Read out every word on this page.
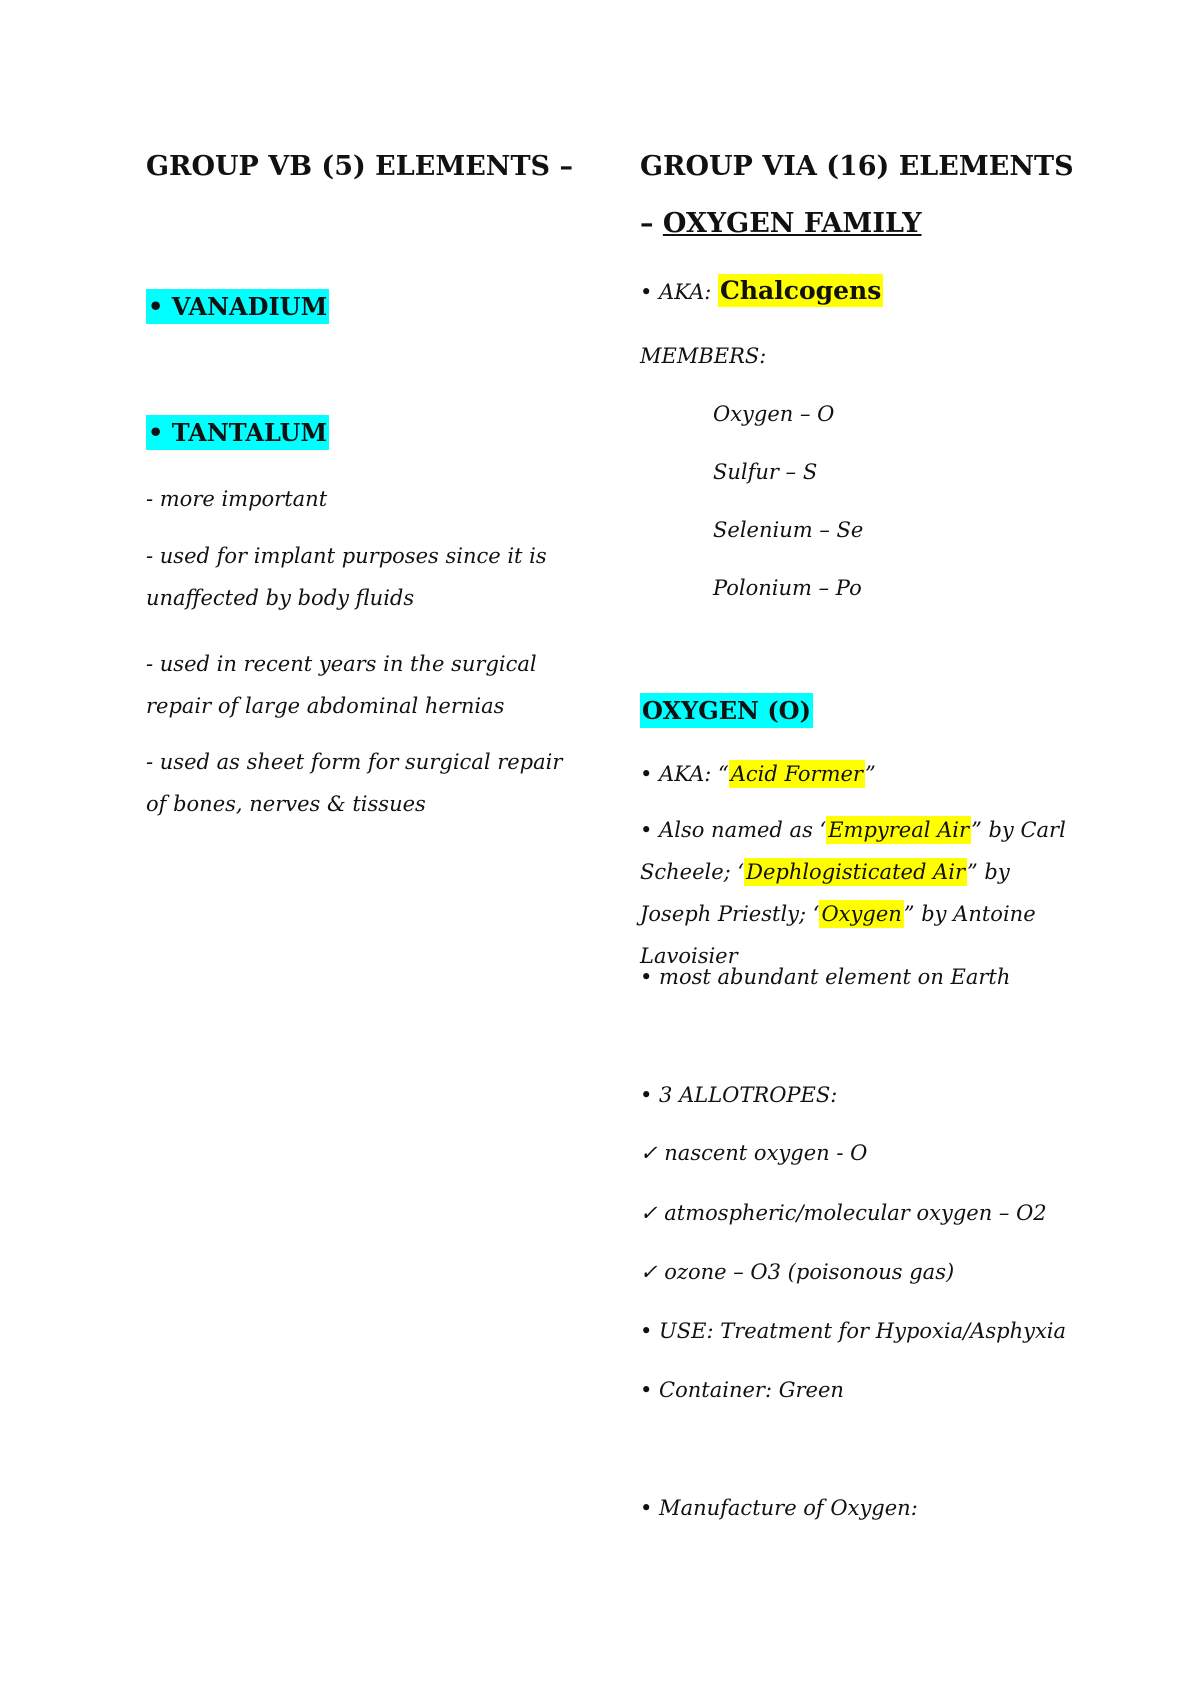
GROUP VB (5) ELEMENTS –
• VANADIUM
• TANTALUM
- more important
- used for implant purposes since it is unaffected by body fluids
- used in recent years in the surgical repair of large abdominal hernias
- used as sheet form for surgical repair of bones, nerves & tissues
GROUP VIA (16) ELEMENTS
– OXYGEN FAMILY
• AKA: Chalcogens
MEMBERS:
Oxygen – O
Sulfur – S
Selenium – Se
Polonium – Po
OXYGEN (O)
• AKA: “Acid Former”
• Also named as ‘Empyreal Air” by Carl Scheele; ‘Dephlogisticated Air” by Joseph Priestly; ‘Oxygen” by Antoine Lavoisier
• most abundant element on Earth
• 3 ALLOTROPES:
✓ nascent oxygen - O
✓ atmospheric/molecular oxygen – O2
✓ ozone – O3 (poisonous gas)
• USE: Treatment for Hypoxia/Asphyxia
• Container: Green
• Manufacture of Oxygen:
